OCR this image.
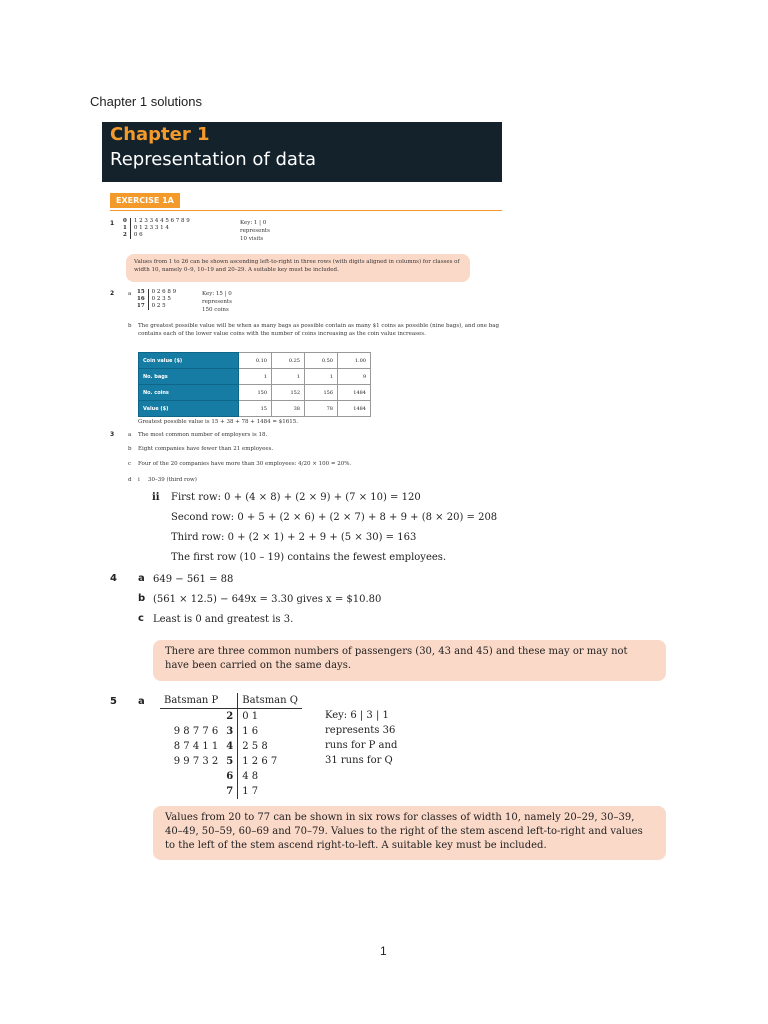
Chapter 1 solutions
Chapter 1
Representation of data
EXERCISE 1A
1 0	1 2 3 3 4 4 5 6 7 8 9
1	0 1 2 3 3 1 4
2	0 6
Key: 1 | 0
represents
10 visits
Values from 1 to 26 can be shown ascending left-to-right in three rows (with digits aligned in columns) for classes of width 10, namely 0–9, 10–19 and 20–29. A suitable key must be included.
2	a 15	0 2 6 8 9
16	0 2 3 5
17	0 2 5
Key: 15 | 0
represents
150 coins
b The greatest possible value will be when as many bags as possible contain as many $1 coins as possible (nine bags), and one bag contains each of the lower value coins with the number of coins increasing as the coin value increases.
Coin value ($)	0.10	0.25	0.50	1.00
No. bags	1	1	1	9
No. coins	150	152	156	1484
Value ($)	15	38	78	1484
Greatest possible value is 15 + 38 + 78 + 1484 = $1615.
3	a The most common number of employers is 18.
b Eight companies have fewer than 21 employees.
c Four of the 20 companies have more than 30 employees: 4/20 × 100 = 20%.
d i 30–39 (third row)
ii First row: 0 + (4 × 8) + (2 × 9) + (7 × 10) = 120
Second row: 0 + 5 + (2 × 6) + (2 × 7) + 8 + 9 + (8 × 20) = 208
Third row: 0 + (2 × 1) + 2 + 9 + (5 × 30) = 163
The first row (10 – 19) contains the fewest employees.
4 a 649 − 561 = 88
b (561 × 12.5) − 649x = 3.30 gives x = $10.80
c Least is 0 and greatest is 3.
There are three common numbers of passengers (30, 43 and 45) and these may or may not have been carried on the same days.
5 a Batsman P		Batsman Q
	2	0 1
9 8 7 7 6	3	1 6
8 7 4 1 1	4	2 5 8
9 9 7 3 2	5	1 2 6 7
	6	4 8
	7	1 7
Key: 6 | 3 | 1
represents 36
runs for P and
31 runs for Q
Values from 20 to 77 can be shown in six rows for classes of width 10, namely 20–29, 30–39, 40–49, 50–59, 60–69 and 70–79. Values to the right of the stem ascend left-to-right and values to the left of the stem ascend right-to-left. A suitable key must be included.
1
